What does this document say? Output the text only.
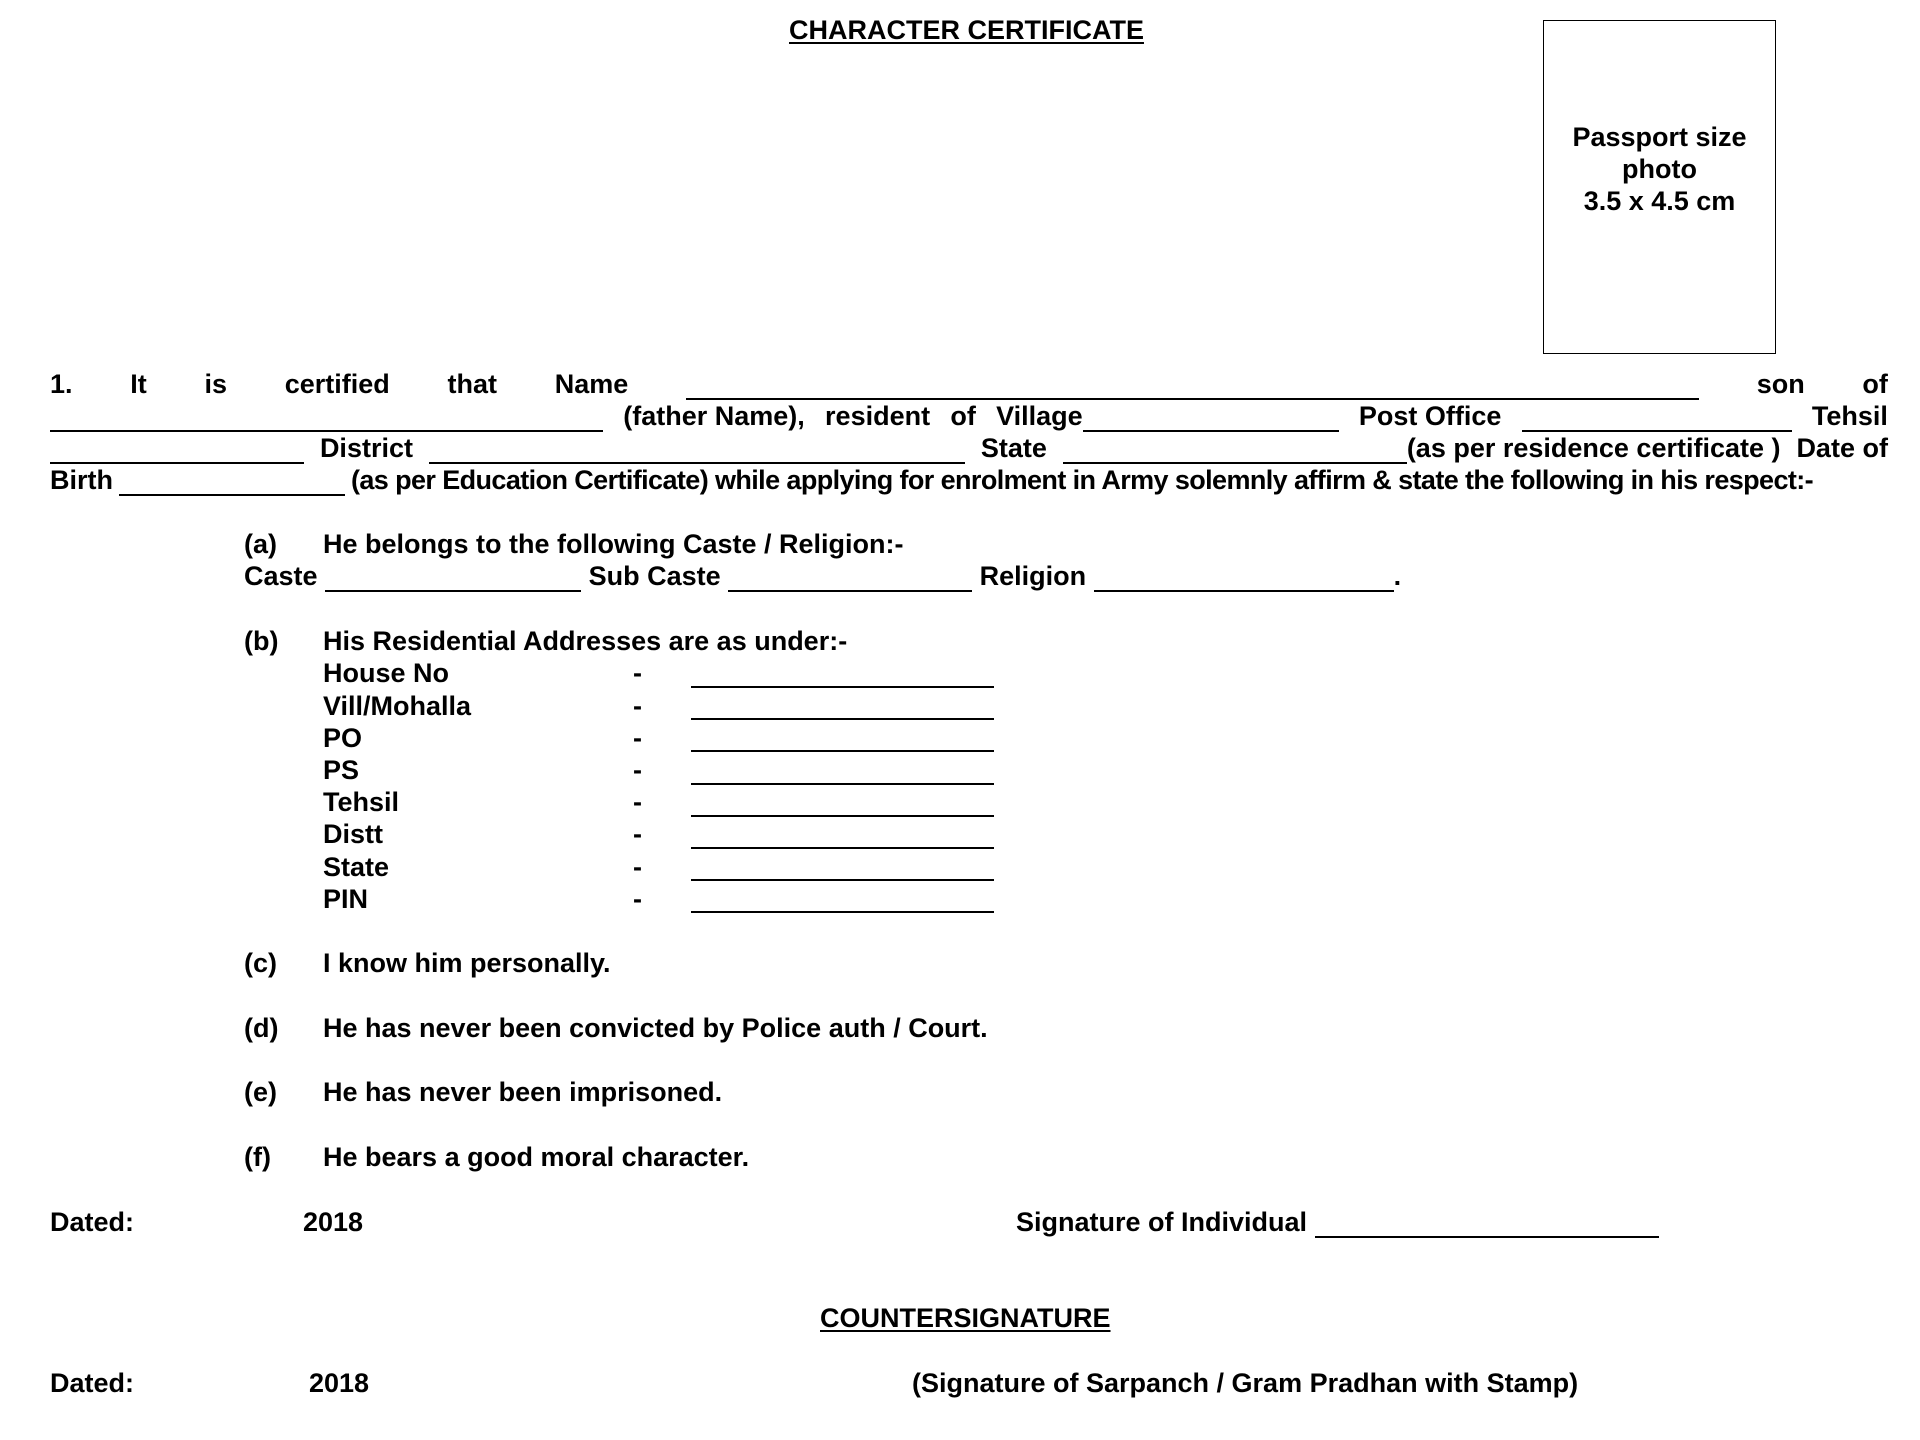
CHARACTER CERTIFICATE
Passport size
photo
3.5 x 4.5 cm
1. It is certified that Name	son of
(father Name), resident of Village	Post Office	Tehsil
District	State	(as per residence certificate ) Date of
Birth	(as per Education Certificate) while applying for enrolment in Army solemnly affirm & state the following in his respect:-
(a) He belongs to the following Caste / Religion:-
Caste	Sub Caste	Religion	.
(b) His Residential Addresses are as under:-
House No	-
Vill/Mohalla	-
PO	-
PS	-
Tehsil	-
Distt	-
State	-
PIN	-
(c) I know him personally.
(d) He has never been convicted by Police auth / Court.
(e) He has never been imprisoned.
(f) He bears a good moral character.
Dated:	2018	Signature of Individual
COUNTERSIGNATURE
Dated:	2018	(Signature of Sarpanch / Gram Pradhan with Stamp)
